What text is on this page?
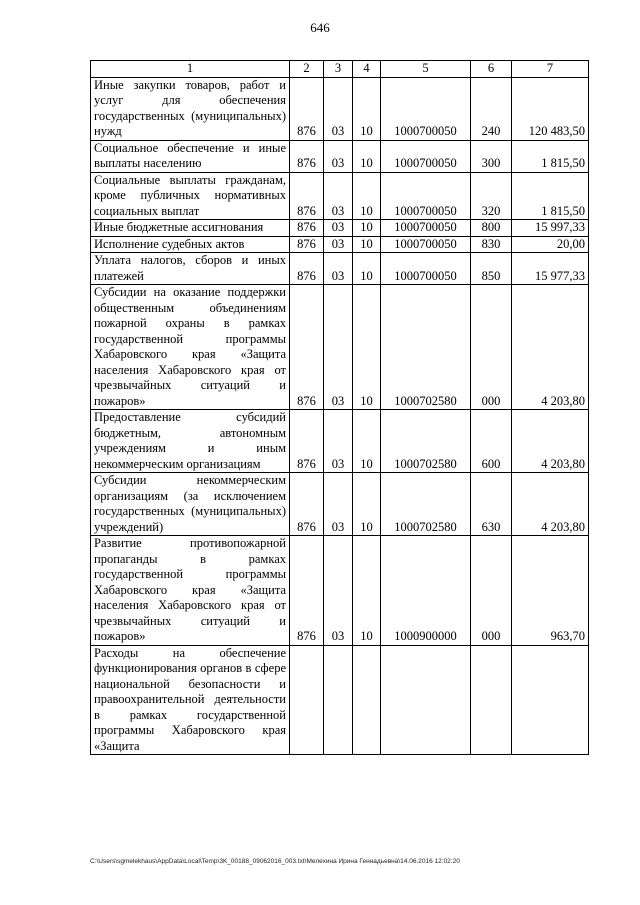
646
1	2	3	4	5	6	7
Иные закупки товаров, работ и услуг для обеспечения государственных (муниципальных) нужд	876	03	10	1000700050	240	120 483,50
Социальное обеспечение и иные выплаты населению	876	03	10	1000700050	300	1 815,50
Социальные выплаты гражданам, кроме публичных нормативных социальных выплат	876	03	10	1000700050	320	1 815,50
Иные бюджетные ассигнования	876	03	10	1000700050	800	15 997,33
Исполнение судебных актов	876	03	10	1000700050	830	20,00
Уплата налогов, сборов и иных платежей	876	03	10	1000700050	850	15 977,33
Субсидии на оказание поддержки общественным объединениям пожарной охраны в рамках государственной программы Хабаровского края «Защита населения Хабаровского края от чрезвычайных ситуаций и пожаров»	876	03	10	1000702580	000	4 203,80
Предоставление субсидий бюджетным, автономным учреждениям и иным некоммерческим организациям	876	03	10	1000702580	600	4 203,80
Субсидии некоммерческим организациям (за исключением государственных (муниципальных) учреждений)	876	03	10	1000702580	630	4 203,80
Развитие противопожарной пропаганды в рамках государственной программы Хабаровского края «Защита населения Хабаровского края от чрезвычайных ситуаций и пожаров»	876	03	10	1000900000	000	963,70
Расходы на обеспечение функционирования органов в сфере национальной безопасности и правоохранительной деятельности в рамках государственной программы Хабаровского края «Защита						
C:\Users\sgmelekhaus\AppData\Local\Temp\3K_00188_09062016_003.txt\Мелехина Ирина Геннадьевна\14.06.2016 12:02:20
